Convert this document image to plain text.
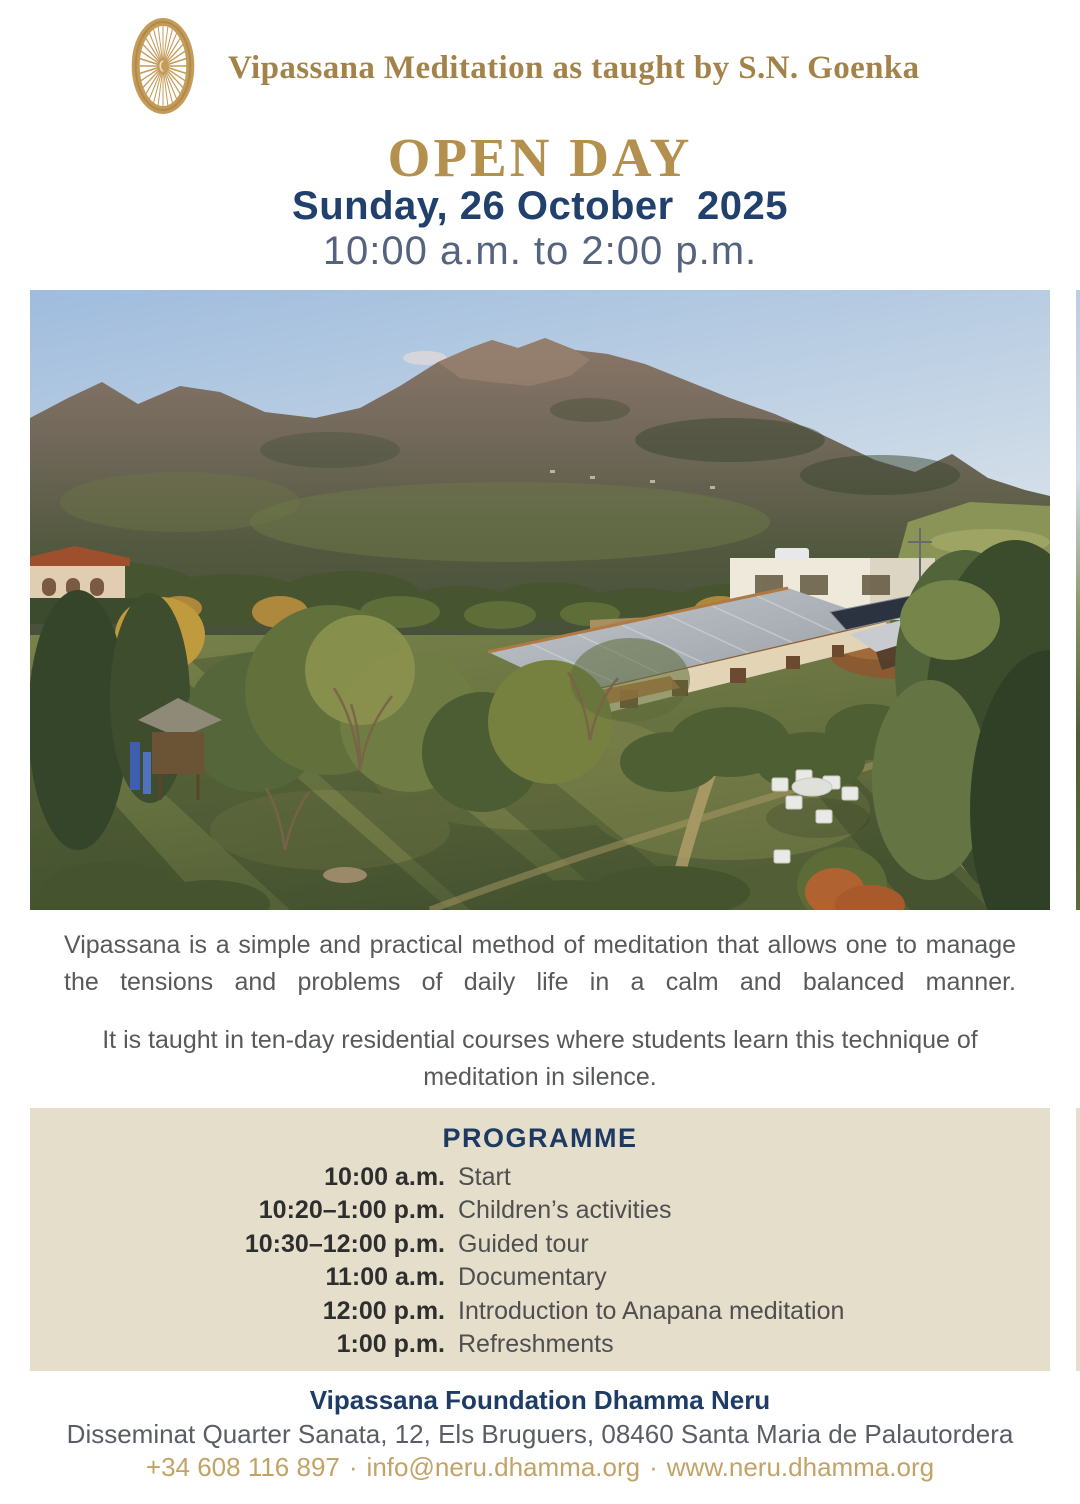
Vipassana Meditation as taught by S.N. Goenka
OPEN DAY
Sunday, 26 October  2025
10:00 a.m. to 2:00 p.m.
Vipassana is a simple and practical method of meditation that allows one to manage the tensions and problems of daily life in a calm and balanced manner.
It is taught in ten-day residential courses where students learn this technique of meditation in silence.
PROGRAMME
10:00 a.m. Start
10:20–1:00 p.m. Children’s activities
10:30–12:00 p.m. Guided tour
11:00 a.m. Documentary
12:00 p.m. Introduction to Anapana meditation
1:00 p.m. Refreshments
Vipassana Foundation Dhamma Neru
Disseminat Quarter Sanata, 12, Els Bruguers, 08460 Santa Maria de Palautordera
+34 608 116 897 · info@neru.dhamma.org · www.neru.dhamma.org
